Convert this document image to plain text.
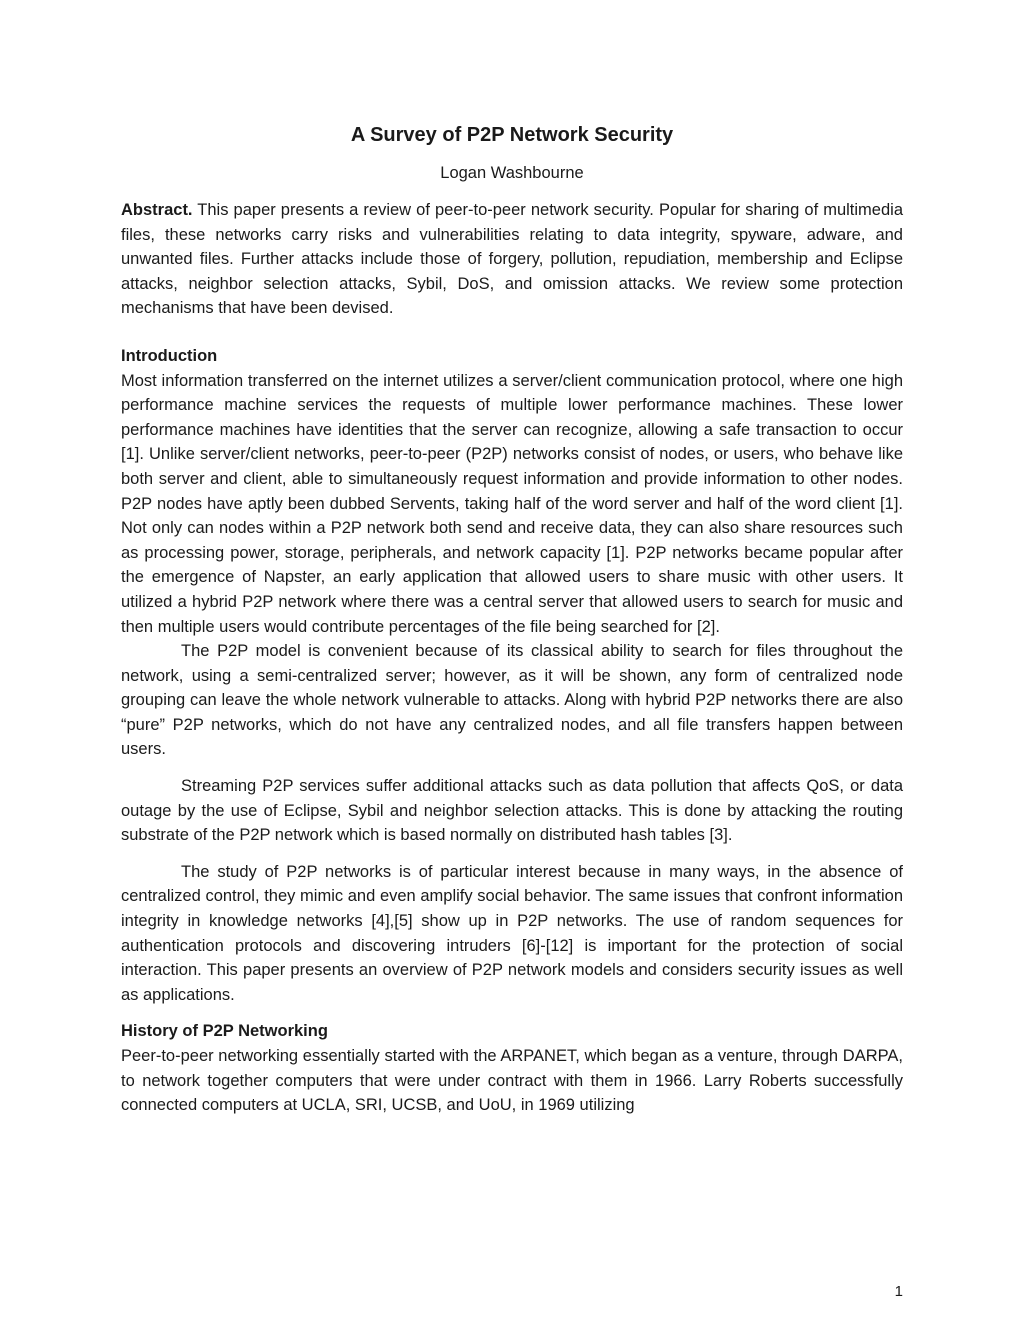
A Survey of P2P Network Security
Logan Washbourne

Abstract. This paper presents a review of peer-to-peer network security. Popular for sharing of multimedia files, these networks carry risks and vulnerabilities relating to data integrity, spyware, adware, and unwanted files. Further attacks include those of forgery, pollution, repudiation, membership and Eclipse attacks, neighbor selection attacks, Sybil, DoS, and omission attacks. We review some protection mechanisms that have been devised.

Introduction

Most information transferred on the internet utilizes a server/client communication protocol, where one high performance machine services the requests of multiple lower performance machines. These lower performance machines have identities that the server can recognize, allowing a safe transaction to occur [1]. Unlike server/client networks, peer-to-peer (P2P) networks consist of nodes, or users, who behave like both server and client, able to simultaneously request information and provide information to other nodes. P2P nodes have aptly been dubbed Servents, taking half of the word server and half of the word client [1]. Not only can nodes within a P2P network both send and receive data, they can also share resources such as processing power, storage, peripherals, and network capacity [1]. P2P networks became popular after the emergence of Napster, an early application that allowed users to share music with other users. It utilized a hybrid P2P network where there was a central server that allowed users to search for music and then multiple users would contribute percentages of the file being searched for [2].

The P2P model is convenient because of its classical ability to search for files throughout the network, using a semi-centralized server; however, as it will be shown, any form of centralized node grouping can leave the whole network vulnerable to attacks. Along with hybrid P2P networks there are also “pure” P2P networks, which do not have any centralized nodes, and all file transfers happen between users.

Streaming P2P services suffer additional attacks such as data pollution that affects QoS, or data outage by the use of Eclipse, Sybil and neighbor selection attacks. This is done by attacking the routing substrate of the P2P network which is based normally on distributed hash tables [3].

The study of P2P networks is of particular interest because in many ways, in the absence of centralized control, they mimic and even amplify social behavior. The same issues that confront information integrity in knowledge networks [4],[5] show up in P2P networks. The use of random sequences for authentication protocols and discovering intruders [6]-[12] is important for the protection of social interaction. This paper presents an overview of P2P network models and considers security issues as well as applications.

History of P2P Networking

Peer-to-peer networking essentially started with the ARPANET, which began as a venture, through DARPA, to network together computers that were under contract with them in 1966. Larry Roberts successfully connected computers at UCLA, SRI, UCSB, and UoU, in 1969 utilizing

1
